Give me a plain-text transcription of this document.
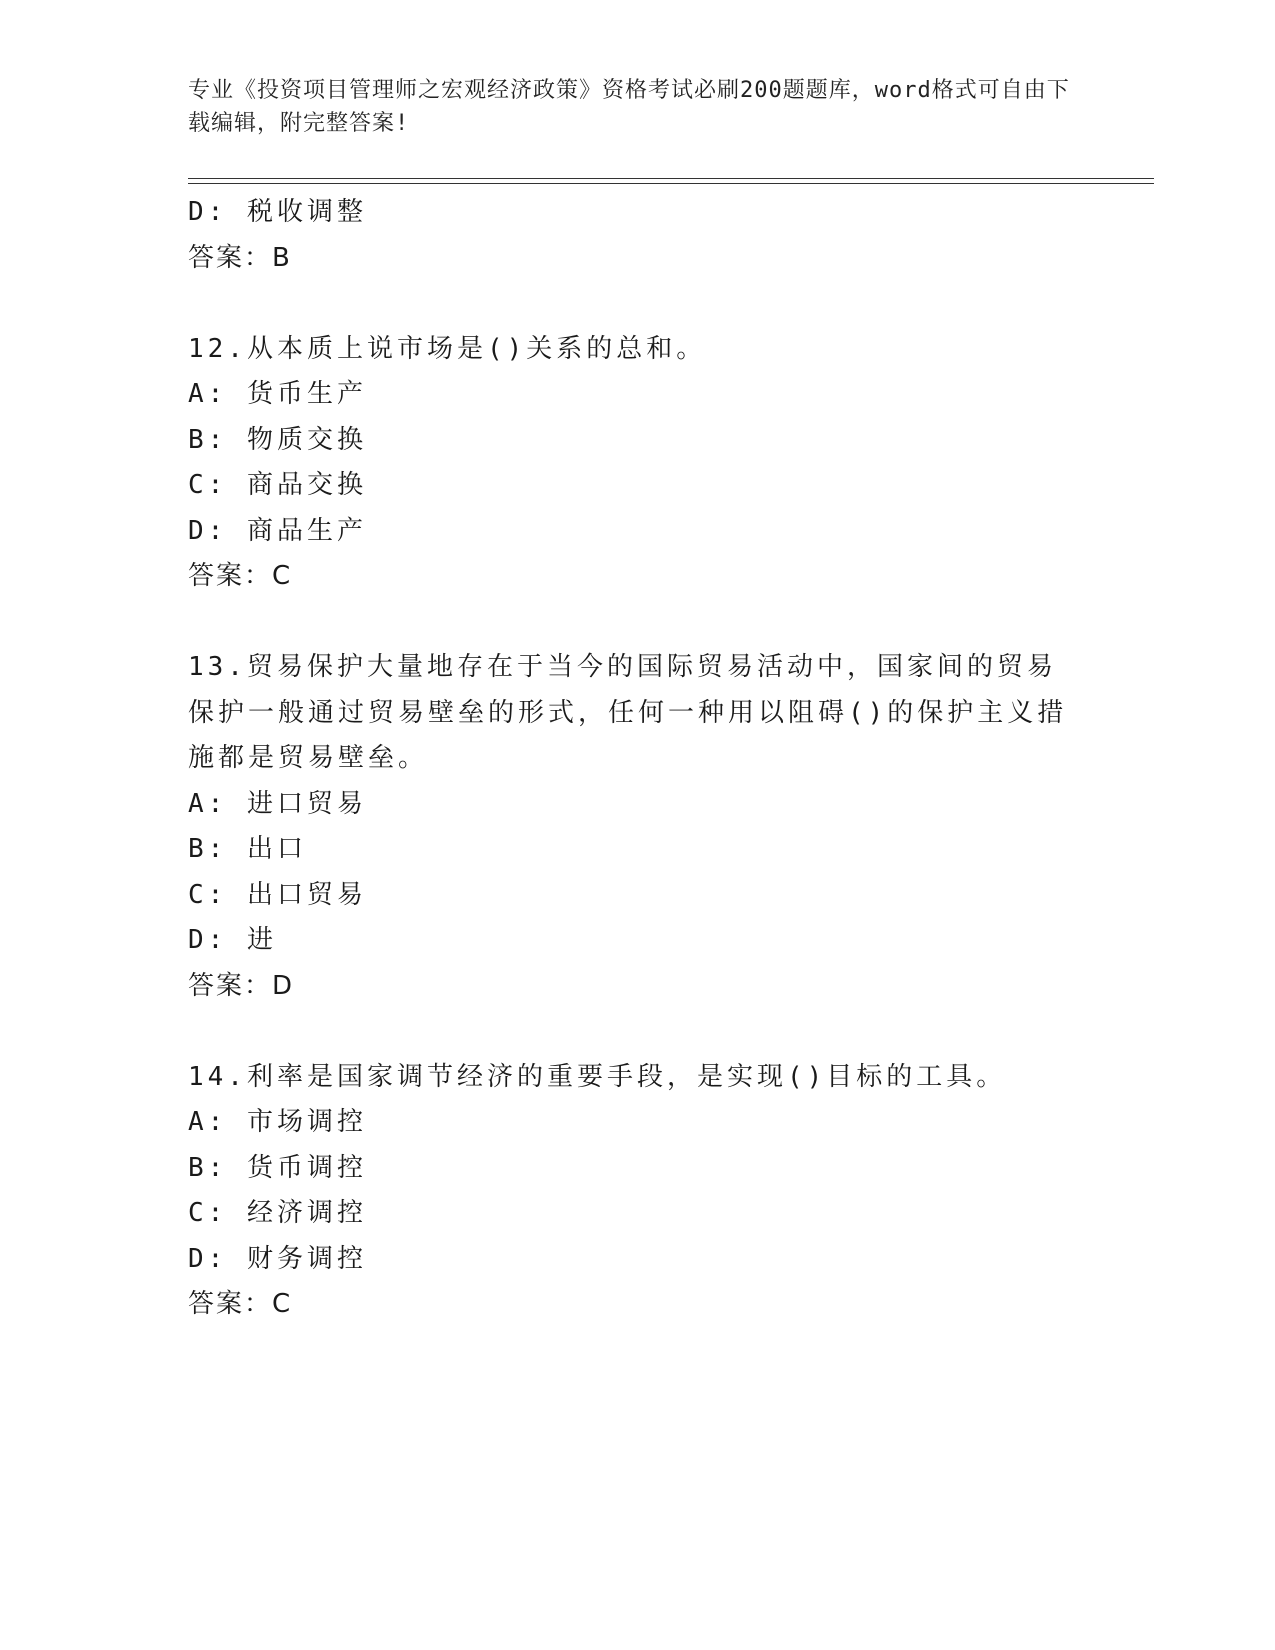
专业《投资项目管理师之宏观经济政策》资格考试必刷200题题库，word格式可自由下载编辑，附完整答案!
D: 税收调整
答案：B
12.从本质上说市场是()关系的总和。
A: 货币生产
B: 物质交换
C: 商品交换
D: 商品生产
答案：C
13.贸易保护大量地存在于当今的国际贸易活动中，国家间的贸易保护一般通过贸易壁垒的形式，任何一种用以阻碍()的保护主义措施都是贸易壁垒。
A: 进口贸易
B: 出口
C: 出口贸易
D: 进
答案：D
14.利率是国家调节经济的重要手段，是实现()目标的工具。
A: 市场调控
B: 货币调控
C: 经济调控
D: 财务调控
答案：C
